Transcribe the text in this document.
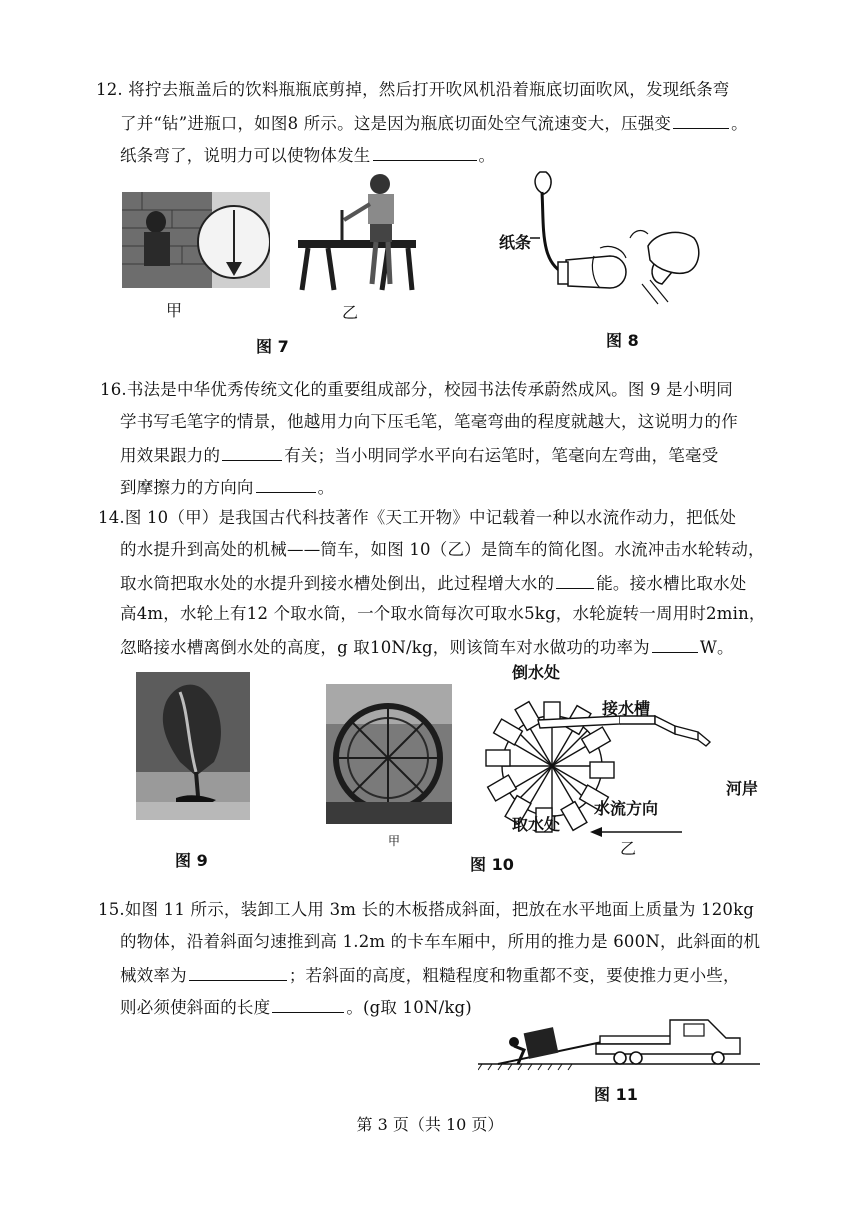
12. 将拧去瓶盖后的饮料瓶瓶底剪掉，然后打开吹风机沿着瓶底切面吹风，发现纸条弯
了并“钻”进瓶口，如图8 所示。这是因为瓶底切面处空气流速变大，压强变	。
纸条弯了，说明力可以使物体发生	。
甲	乙
图 7
纸条
图 8
16.书法是中华优秀传统文化的重要组成部分，校园书法传承蔚然成风。图 9 是小明同
学书写毛笔字的情景，他越用力向下压毛笔，笔毫弯曲的程度就越大，这说明力的作
用效果跟力的	有关；当小明同学水平向右运笔时，笔毫向左弯曲，笔毫受
到摩擦力的方向向	。
14.图 10（甲）是我国古代科技著作《天工开物》中记载着一种以水流作动力，把低处
的水提升到高处的机械——筒车，如图 10（乙）是筒车的简化图。水流冲击水轮转动，
取水筒把取水处的水提升到接水槽处倒出，此过程增大水的	能。接水槽比取水处
高4m，水轮上有12 个取水筒，一个取水筒每次可取水5kg，水轮旋转一周用时2min，
忽略接水槽离倒水处的高度，g 取10N/kg，则该筒车对水做功的功率为	W。
图 9
甲
倒水处
接水槽
河岸
水流方向
取水处
乙
图 10
15.如图 11 所示，装卸工人用 3m 长的木板搭成斜面，把放在水平地面上质量为 120kg
的物体，沿着斜面匀速推到高 1.2m 的卡车车厢中，所用的推力是 600N，此斜面的机
械效率为	；若斜面的高度，粗糙程度和物重都不变，要使推力更小些，
则必须使斜面的长度	。(g取 10N/kg)
图 11
第 3 页（共 10 页）
